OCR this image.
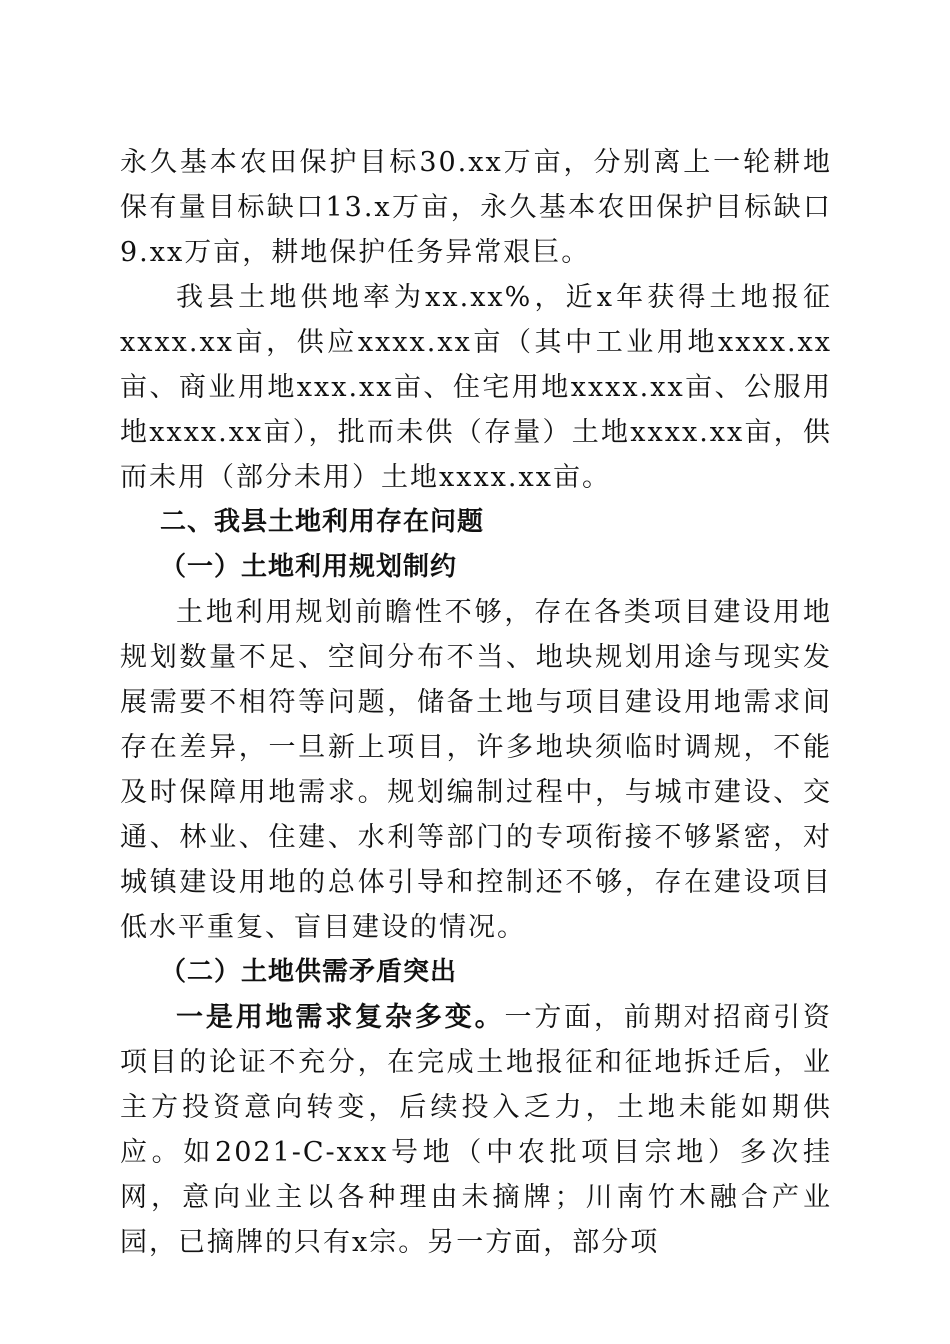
永久基本农田保护目标30.xx万亩，分别离上一轮耕地保有量目标缺口13.x万亩，永久基本农田保护目标缺口9.xx万亩，耕地保护任务异常艰巨。

我县土地供地率为xx.xx%，近x年获得土地报征xxxx.xx亩，供应xxxx.xx亩（其中工业用地xxxx.xx亩、商业用地xxx.xx亩、住宅用地xxxx.xx亩、公服用地xxxx.xx亩），批而未供（存量）土地xxxx.xx亩，供而未用（部分未用）土地xxxx.xx亩。

二、我县土地利用存在问题

（一）土地利用规划制约

土地利用规划前瞻性不够，存在各类项目建设用地规划数量不足、空间分布不当、地块规划用途与现实发展需要不相符等问题，储备土地与项目建设用地需求间存在差异，一旦新上项目，许多地块须临时调规，不能及时保障用地需求。规划编制过程中，与城市建设、交通、林业、住建、水利等部门的专项衔接不够紧密，对城镇建设用地的总体引导和控制还不够，存在建设项目低水平重复、盲目建设的情况。

（二）土地供需矛盾突出

一是用地需求复杂多变。一方面，前期对招商引资项目的论证不充分，在完成土地报征和征地拆迁后，业主方投资意向转变，后续投入乏力，土地未能如期供应。如2021-C-xxx号地（中农批项目宗地）多次挂网，意向业主以各种理由未摘牌；川南竹木融合产业园，已摘牌的只有x宗。另一方面，部分项
